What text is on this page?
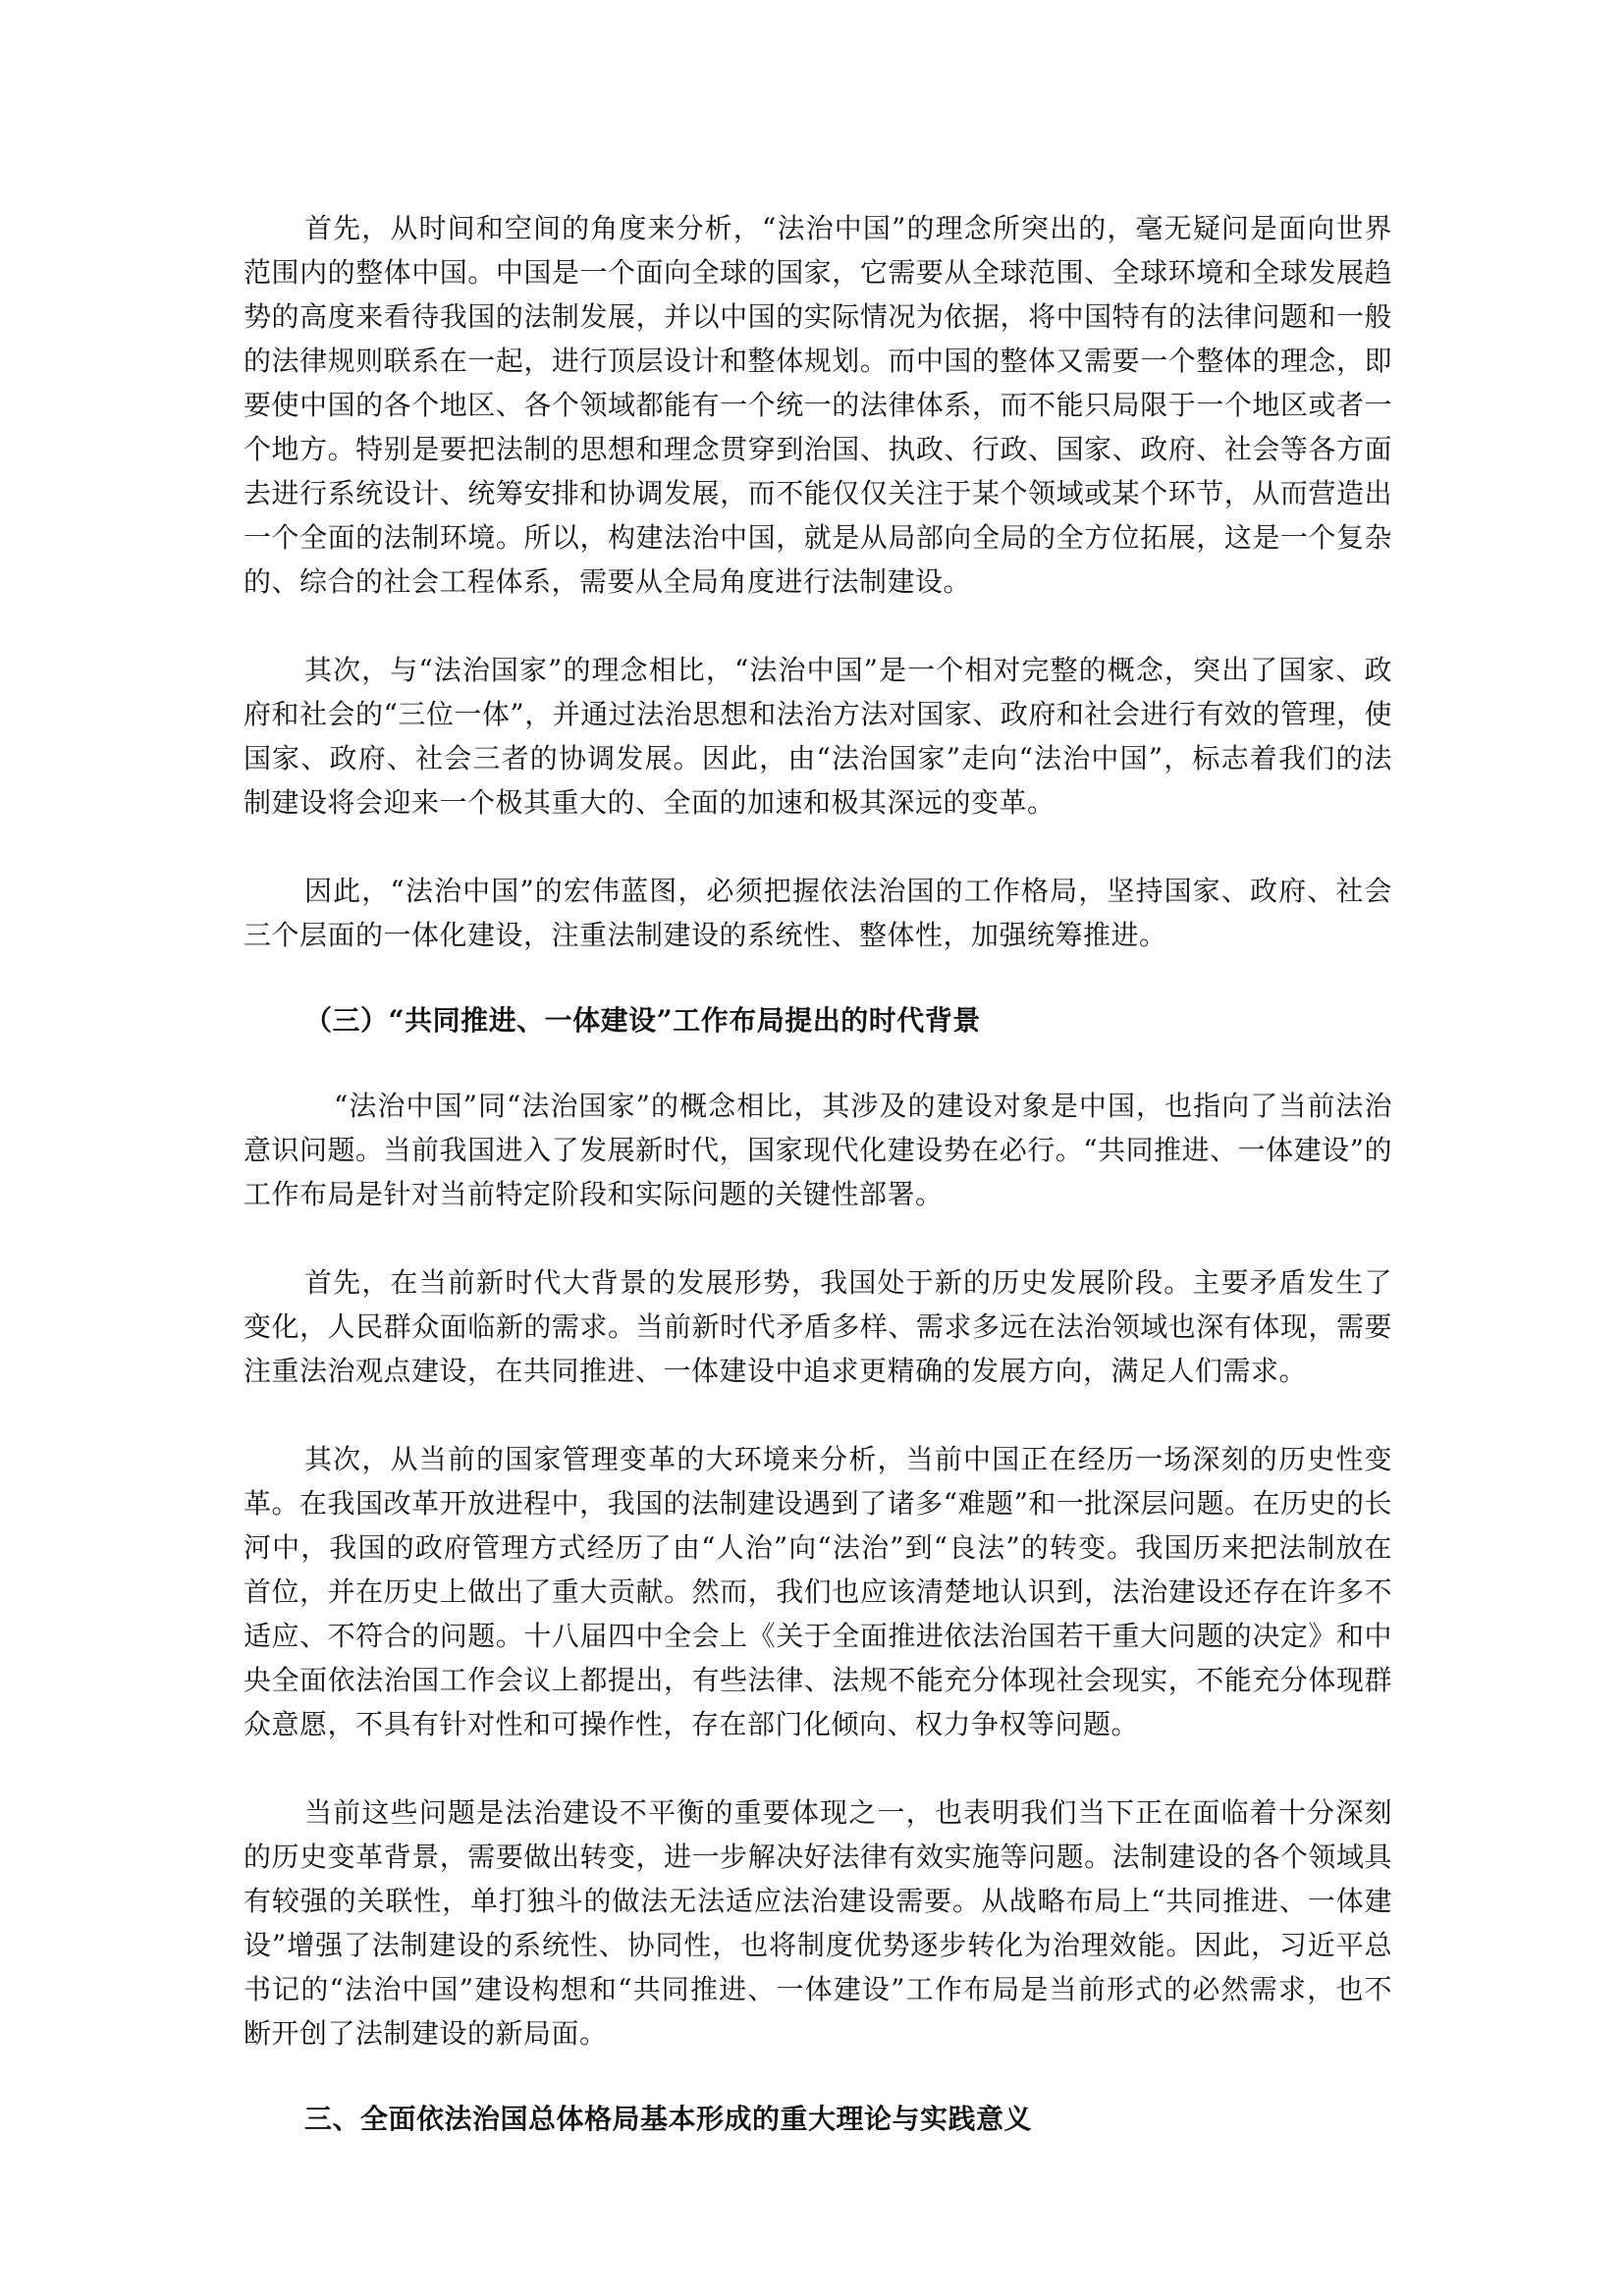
首先，从时间和空间的角度来分析，“法治中国”的理念所突出的，毫无疑问是面向世界范围内的整体中国。中国是一个面向全球的国家，它需要从全球范围、全球环境和全球发展趋势的高度来看待我国的法制发展，并以中国的实际情况为依据，将中国特有的法律问题和一般的法律规则联系在一起，进行顶层设计和整体规划。而中国的整体又需要一个整体的理念，即要使中国的各个地区、各个领域都能有一个统一的法律体系，而不能只局限于一个地区或者一个地方。特别是要把法制的思想和理念贯穿到治国、执政、行政、国家、政府、社会等各方面去进行系统设计、统筹安排和协调发展，而不能仅仅关注于某个领域或某个环节，从而营造出一个全面的法制环境。所以，构建法治中国，就是从局部向全局的全方位拓展，这是一个复杂的、综合的社会工程体系，需要从全局角度进行法制建设。

其次，与“法治国家”的理念相比，“法治中国”是一个相对完整的概念，突出了国家、政府和社会的“三位一体”，并通过法治思想和法治方法对国家、政府和社会进行有效的管理，使国家、政府、社会三者的协调发展。因此，由“法治国家”走向“法治中国”，标志着我们的法制建设将会迎来一个极其重大的、全面的加速和极其深远的变革。

因此，“法治中国”的宏伟蓝图，必须把握依法治国的工作格局，坚持国家、政府、社会三个层面的一体化建设，注重法制建设的系统性、整体性，加强统筹推进。

（三）“共同推进、一体建设”工作布局提出的时代背景

“法治中国”同“法治国家”的概念相比，其涉及的建设对象是中国，也指向了当前法治意识问题。当前我国进入了发展新时代，国家现代化建设势在必行。“共同推进、一体建设”的工作布局是针对当前特定阶段和实际问题的关键性部署。

首先，在当前新时代大背景的发展形势，我国处于新的历史发展阶段。主要矛盾发生了变化，人民群众面临新的需求。当前新时代矛盾多样、需求多远在法治领域也深有体现，需要注重法治观点建设，在共同推进、一体建设中追求更精确的发展方向，满足人们需求。

其次，从当前的国家管理变革的大环境来分析，当前中国正在经历一场深刻的历史性变革。在我国改革开放进程中，我国的法制建设遇到了诸多“难题”和一批深层问题。在历史的长河中，我国的政府管理方式经历了由“人治”向“法治”到“良法”的转变。我国历来把法制放在首位，并在历史上做出了重大贡献。然而，我们也应该清楚地认识到，法治建设还存在许多不适应、不符合的问题。十八届四中全会上《关于全面推进依法治国若干重大问题的决定》和中央全面依法治国工作会议上都提出，有些法律、法规不能充分体现社会现实，不能充分体现群众意愿，不具有针对性和可操作性，存在部门化倾向、权力争权等问题。

当前这些问题是法治建设不平衡的重要体现之一，也表明我们当下正在面临着十分深刻的历史变革背景，需要做出转变，进一步解决好法律有效实施等问题。法制建设的各个领域具有较强的关联性，单打独斗的做法无法适应法治建设需要。从战略布局上“共同推进、一体建设”增强了法制建设的系统性、协同性，也将制度优势逐步转化为治理效能。因此，习近平总书记的“法治中国”建设构想和“共同推进、一体建设”工作布局是当前形式的必然需求，也不断开创了法制建设的新局面。

三、全面依法治国总体格局基本形成的重大理论与实践意义
